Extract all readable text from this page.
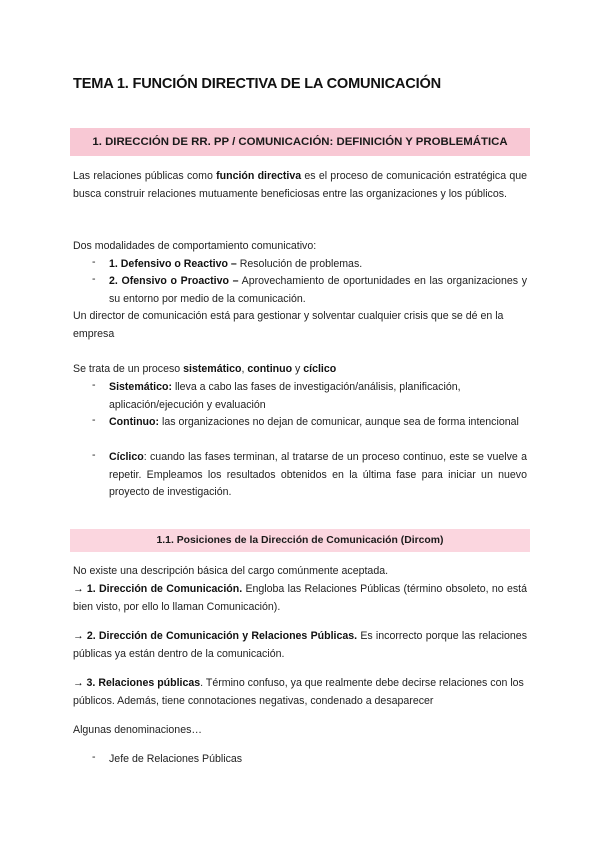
TEMA 1. FUNCIÓN DIRECTIVA DE LA COMUNICACIÓN
1. DIRECCIÓN DE RR. PP / COMUNICACIÓN: DEFINICIÓN Y PROBLEMÁTICA
Las relaciones públicas como función directiva es el proceso de comunicación estratégica que busca construir relaciones mutuamente beneficiosas entre las organizaciones y los públicos.
Dos modalidades de comportamiento comunicativo:
- 1. Defensivo o Reactivo – Resolución de problemas.
- 2. Ofensivo o Proactivo – Aprovechamiento de oportunidades en las organizaciones y su entorno por medio de la comunicación.
Un director de comunicación está para gestionar y solventar cualquier crisis que se dé en la empresa
Se trata de un proceso sistemático, continuo y cíclico
- Sistemático: lleva a cabo las fases de investigación/análisis, planificación, aplicación/ejecución y evaluación
- Continuo: las organizaciones no dejan de comunicar, aunque sea de forma intencional
- Cíclico: cuando las fases terminan, al tratarse de un proceso continuo, este se vuelve a repetir. Empleamos los resultados obtenidos en la última fase para iniciar un nuevo proyecto de investigación.
1.1. Posiciones de la Dirección de Comunicación (Dircom)
No existe una descripción básica del cargo comúnmente aceptada.
→ 1. Dirección de Comunicación. Engloba las Relaciones Públicas (término obsoleto, no está bien visto, por ello lo llaman Comunicación).
→ 2. Dirección de Comunicación y Relaciones Públicas. Es incorrecto porque las relaciones públicas ya están dentro de la comunicación.
→ 3. Relaciones públicas. Término confuso, ya que realmente debe decirse relaciones con los públicos. Además, tiene connotaciones negativas, condenado a desaparecer
Algunas denominaciones…
- Jefe de Relaciones Públicas
